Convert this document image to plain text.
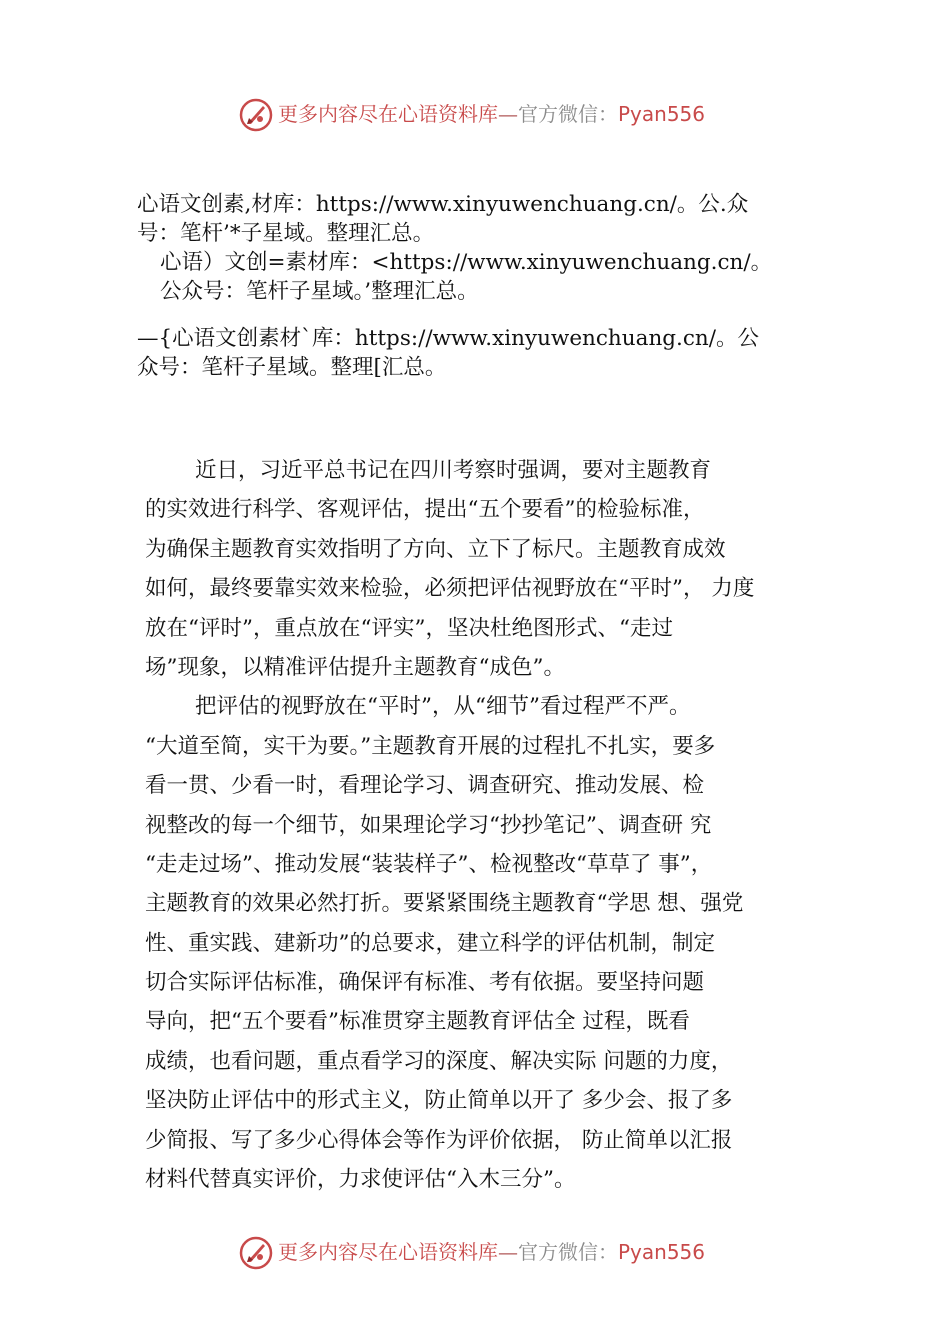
更多内容尽在心语资料库—官方微信：Pyan556
心语文创素,材库：https://www.xinyuwenchuang.cn/。公.众
号：笔杆’*子星域。整理汇总。
心语）文创=素材库：<https://www.xinyuwenchuang.cn/。
公众号：笔杆子星域。’整理汇总。
—{心语文创素材`库：https://www.xinyuwenchuang.cn/。公
众号：笔杆子星域。整理[汇总。
近日，习近平总书记在四川考察时强调，要对主题教育
的实效进行科学、客观评估，提出“五个要看”的检验标准，
为确保主题教育实效指明了方向、立下了标尺。主题教育成效
如何，最终要靠实效来检验，必须把评估视野放在“平时”， 力度
放在“评时”，重点放在“评实”，坚决杜绝图形式、“走过
场”现象，以精准评估提升主题教育“成色”。
把评估的视野放在“平时”，从“细节”看过程严不严。
“大道至简，实干为要。”主题教育开展的过程扎不扎实，要多
看一贯、少看一时，看理论学习、调查研究、推动发展、检
视整改的每一个细节，如果理论学习“抄抄笔记”、调查研 究
“走走过场”、推动发展“装装样子”、检视整改“草草了 事”，
主题教育的效果必然打折。要紧紧围绕主题教育“学思 想、强党
性、重实践、建新功”的总要求，建立科学的评估机制，制定
切合实际评估标准，确保评有标准、考有依据。要坚持问题
导向，把“五个要看”标准贯穿主题教育评估全 过程，既看
成绩，也看问题，重点看学习的深度、解决实际 问题的力度，
坚决防止评估中的形式主义，防止简单以开了 多少会、报了多
少简报、写了多少心得体会等作为评价依据， 防止简单以汇报
材料代替真实评价，力求使评估“入木三分”。
更多内容尽在心语资料库—官方微信：Pyan556
